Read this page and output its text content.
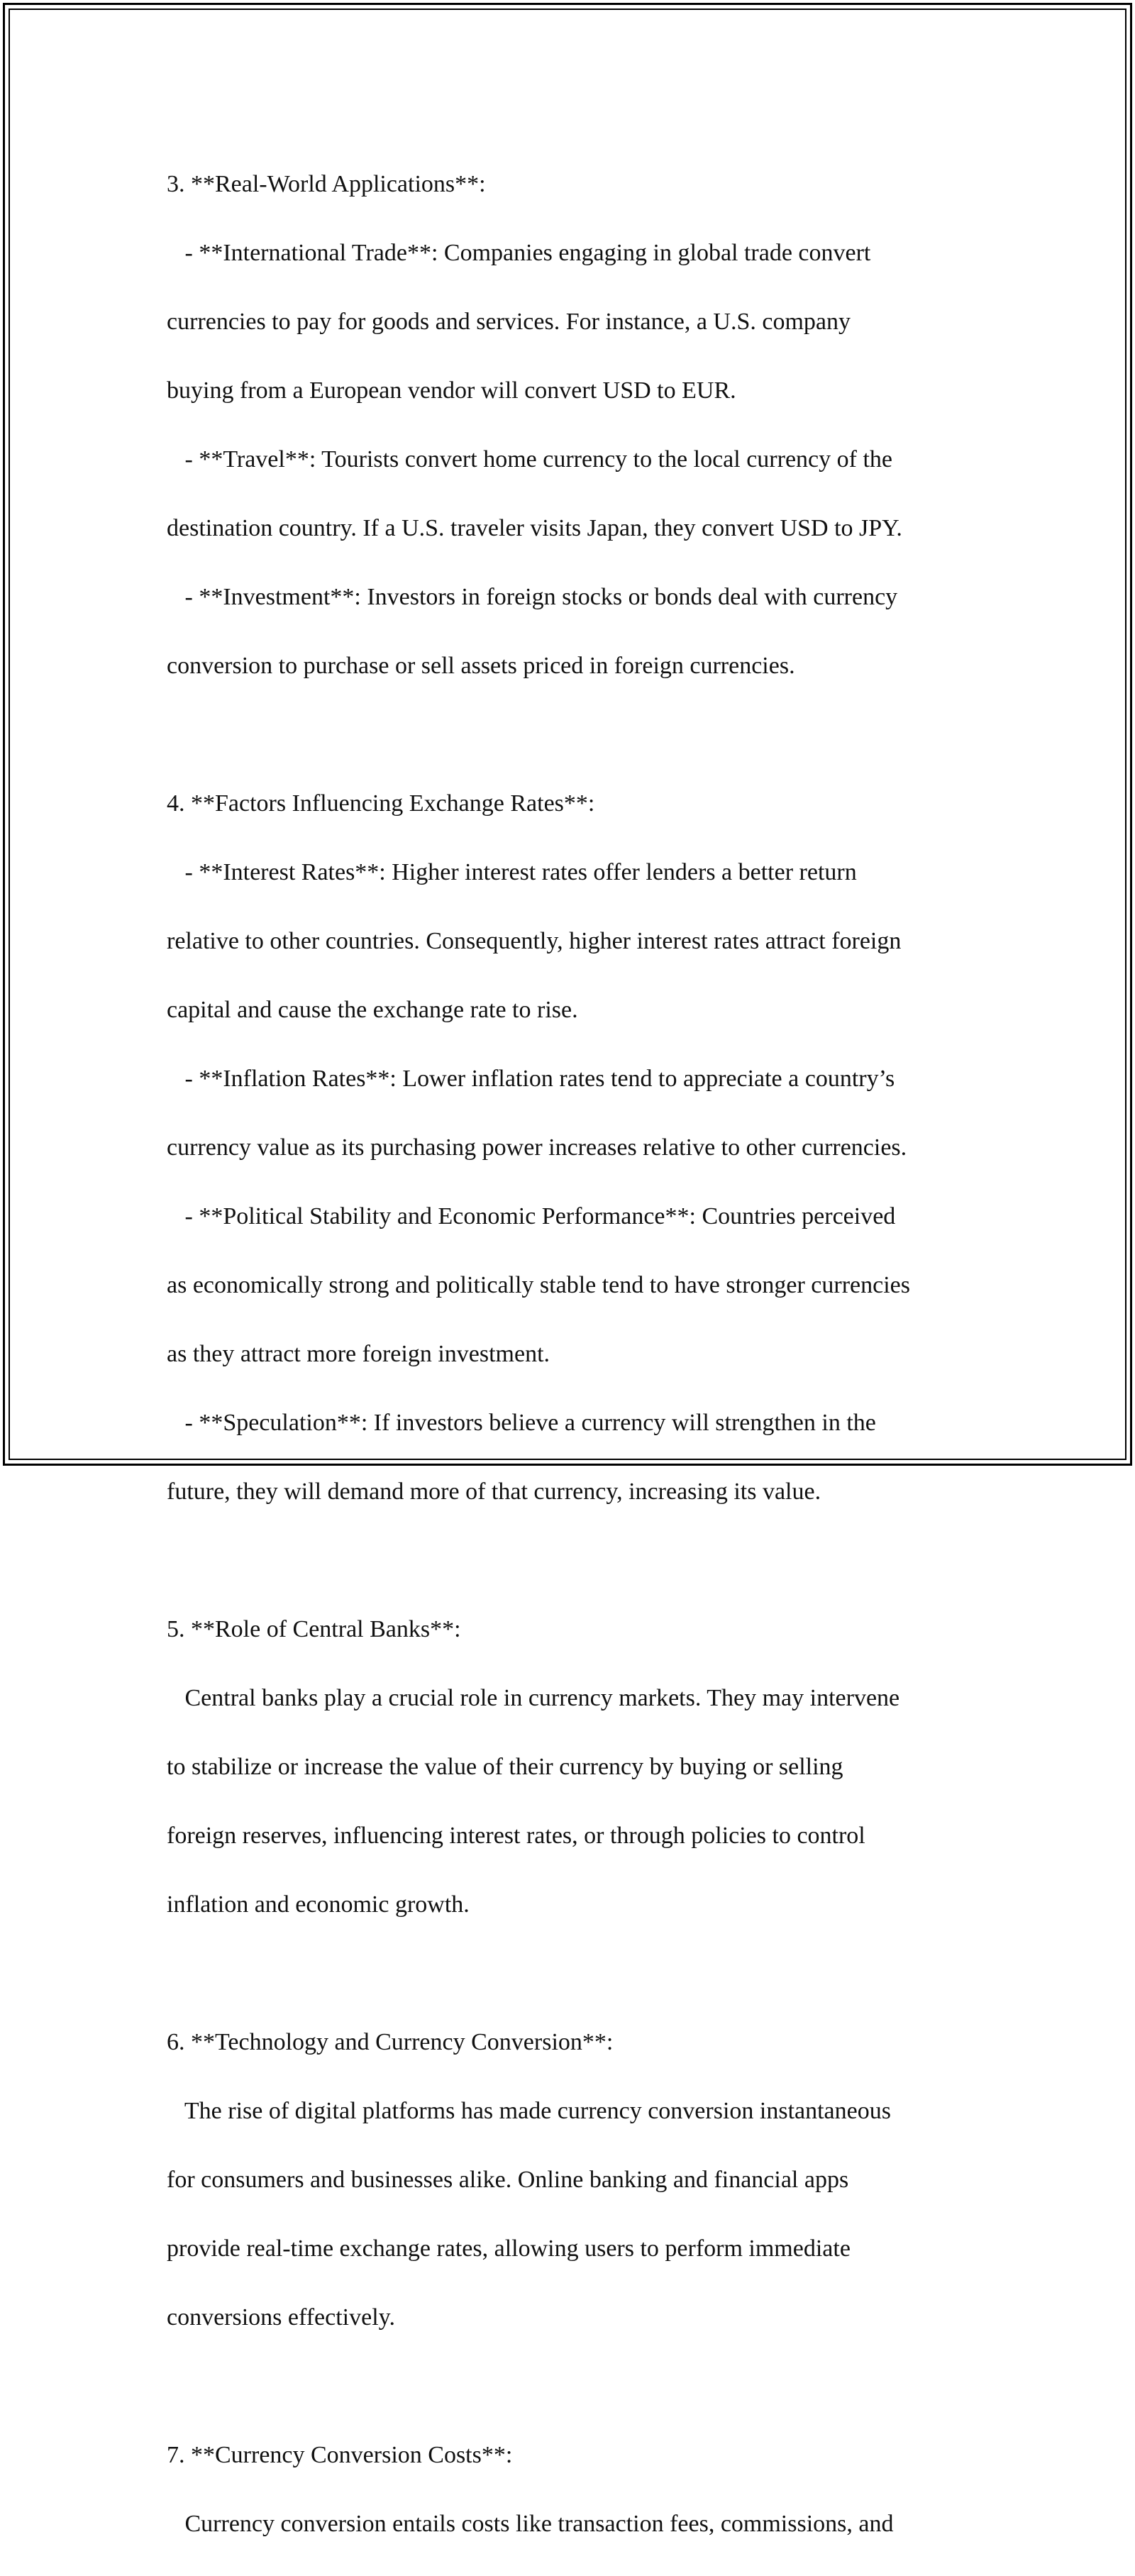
3. **Real-World Applications**:

- **International Trade**: Companies engaging in global trade convert

currencies to pay for goods and services. For instance, a U.S. company

buying from a European vendor will convert USD to EUR.

- **Travel**: Tourists convert home currency to the local currency of the

destination country. If a U.S. traveler visits Japan, they convert USD to JPY.

- **Investment**: Investors in foreign stocks or bonds deal with currency

conversion to purchase or sell assets priced in foreign currencies.

4. **Factors Influencing Exchange Rates**:

- **Interest Rates**: Higher interest rates offer lenders a better return

relative to other countries. Consequently, higher interest rates attract foreign

capital and cause the exchange rate to rise.

- **Inflation Rates**: Lower inflation rates tend to appreciate a country’s

currency value as its purchasing power increases relative to other currencies.

- **Political Stability and Economic Performance**: Countries perceived

as economically strong and politically stable tend to have stronger currencies

as they attract more foreign investment.

- **Speculation**: If investors believe a currency will strengthen in the

future, they will demand more of that currency, increasing its value.

5. **Role of Central Banks**:

Central banks play a crucial role in currency markets. They may intervene

to stabilize or increase the value of their currency by buying or selling

foreign reserves, influencing interest rates, or through policies to control

inflation and economic growth.

6. **Technology and Currency Conversion**:

The rise of digital platforms has made currency conversion instantaneous

for consumers and businesses alike. Online banking and financial apps

provide real-time exchange rates, allowing users to perform immediate

conversions effectively.

7. **Currency Conversion Costs**:

Currency conversion entails costs like transaction fees, commissions, and
